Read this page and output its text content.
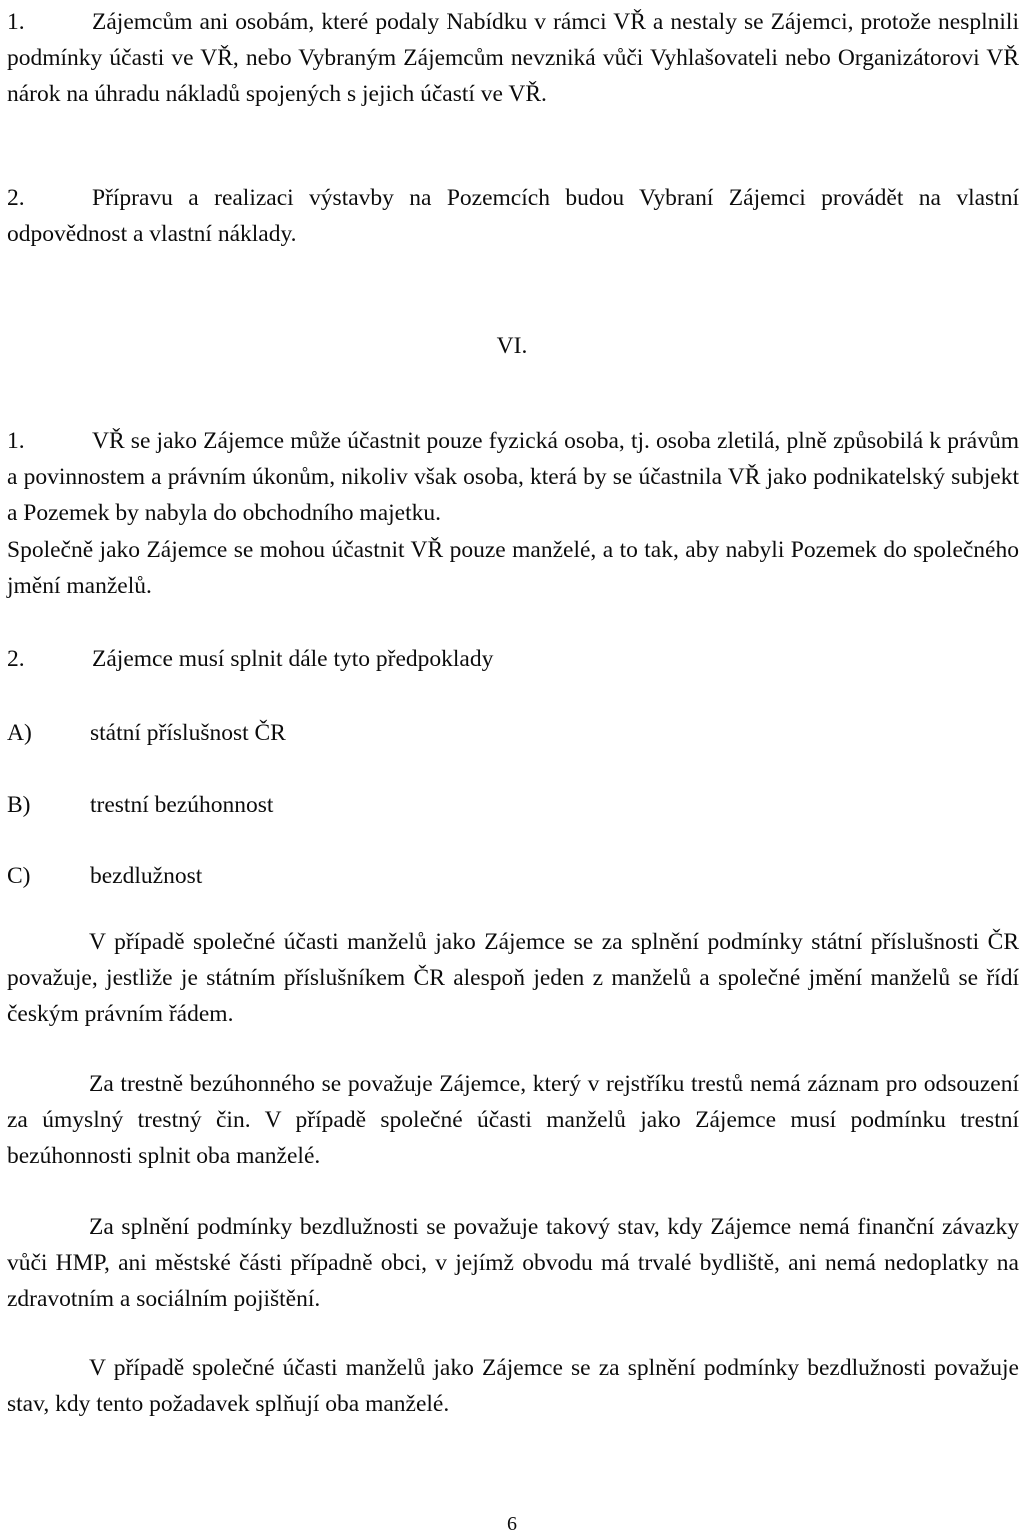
1.	Zájemcům ani osobám, které podaly Nabídku v rámci VŘ a nestaly se Zájemci, protože nesplnili podmínky účasti ve VŘ, nebo Vybraným Zájemcům nevzniká vůči Vyhlašovateli nebo Organizátorovi VŘ nárok na úhradu nákladů spojených s jejich účastí ve VŘ.

2.	Přípravu a realizaci výstavby na Pozemcích budou Vybraní Zájemci provádět na vlastní odpovědnost a vlastní náklady.

VI.

1.	VŘ se jako Zájemce může účastnit pouze fyzická osoba, tj. osoba zletilá, plně způsobilá k právům a povinnostem a právním úkonům, nikoliv však osoba, která by se účastnila VŘ jako podnikatelský subjekt a Pozemek by nabyla do obchodního majetku.

Společně jako Zájemce se mohou účastnit VŘ pouze manželé, a to tak, aby nabyli Pozemek do společného jmění manželů.

2.	Zájemce musí splnit dále tyto předpoklady

A) státní příslušnost ČR

B)	trestní bezúhonnost

C)	bezdlužnost

V případě společné účasti manželů jako Zájemce se za splnění podmínky státní příslušnosti ČR považuje, jestliže je státním příslušníkem ČR alespoň jeden z manželů a společné jmění manželů se řídí českým právním řádem.

Za trestně bezúhonného se považuje Zájemce, který v rejstříku trestů nemá záznam pro odsouzení za úmyslný trestný čin. V případě společné účasti manželů jako Zájemce musí podmínku trestní bezúhonnosti splnit oba manželé.

Za splnění podmínky bezdlužnosti se považuje takový stav, kdy Zájemce nemá finanční závazky vůči HMP, ani městské části případně obci, v jejímž obvodu má trvalé bydliště, ani nemá nedoplatky na zdravotním a sociálním pojištění.

V případě společné účasti manželů jako Zájemce se za splnění podmínky bezdlužnosti považuje stav, kdy tento požadavek splňují oba manželé.

6
